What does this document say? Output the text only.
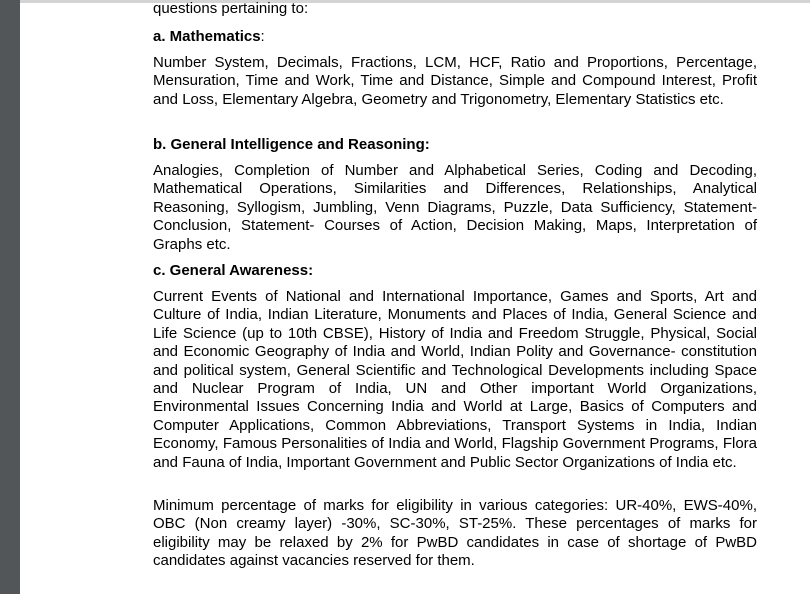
questions pertaining to:
a. Mathematics:
Number System, Decimals, Fractions, LCM, HCF, Ratio and Proportions, Percentage, Mensuration, Time and Work, Time and Distance, Simple and Compound Interest, Profit and Loss, Elementary Algebra, Geometry and Trigonometry, Elementary Statistics etc.
b. General Intelligence and Reasoning:
Analogies, Completion of Number and Alphabetical Series, Coding and Decoding, Mathematical Operations, Similarities and Differences, Relationships, Analytical Reasoning, Syllogism, Jumbling, Venn Diagrams, Puzzle, Data Sufficiency, Statement- Conclusion, Statement- Courses of Action, Decision Making, Maps, Interpretation of Graphs etc.
c. General Awareness:
Current Events of National and International Importance, Games and Sports, Art and Culture of India, Indian Literature, Monuments and Places of India, General Science and Life Science (up to 10th CBSE), History of India and Freedom Struggle, Physical, Social and Economic Geography of India and World, Indian Polity and Governance- constitution and political system, General Scientific and Technological Developments including Space and Nuclear Program of India, UN and Other important World Organizations, Environmental Issues Concerning India and World at Large, Basics of Computers and Computer Applications, Common Abbreviations, Transport Systems in India, Indian Economy, Famous Personalities of India and World, Flagship Government Programs, Flora and Fauna of India, Important Government and Public Sector Organizations of India etc.
Minimum percentage of marks for eligibility in various categories: UR-40%, EWS-40%, OBC (Non creamy layer) -30%, SC-30%, ST-25%. These percentages of marks for eligibility may be relaxed by 2% for PwBD candidates in case of shortage of PwBD candidates against vacancies reserved for them.
